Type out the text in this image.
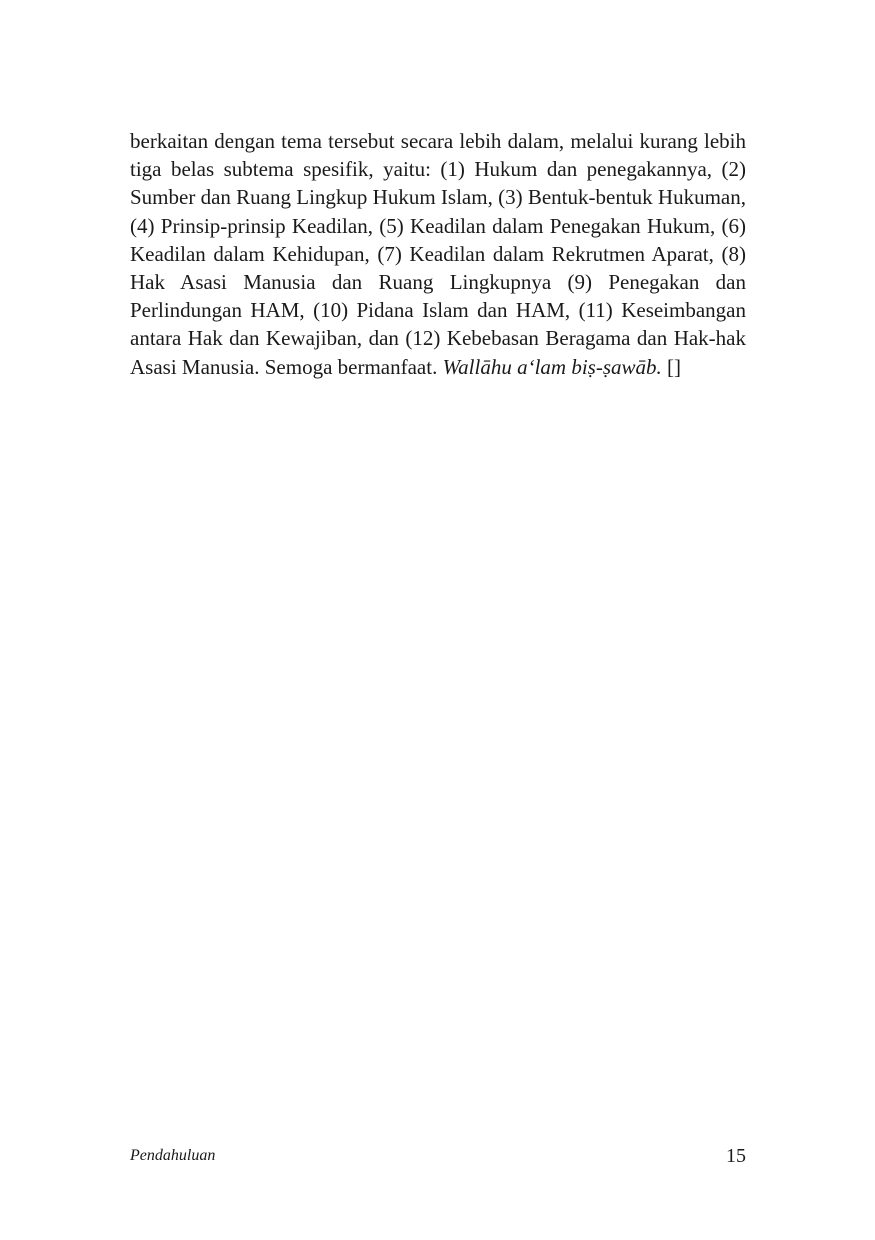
berkaitan dengan tema tersebut secara lebih dalam, melalui kurang lebih tiga belas subtema spesifik, yaitu: (1) Hukum dan penegakannya, (2) Sumber dan Ruang Lingkup Hukum Islam, (3) Bentuk-bentuk Hukuman, (4) Prinsip-prinsip Keadilan, (5) Keadilan dalam Penegakan Hukum, (6) Keadilan dalam Kehidupan, (7) Keadilan dalam Rekrutmen Aparat, (8) Hak Asasi Manusia dan Ruang Lingkupnya (9) Penegakan dan Perlindungan HAM, (10) Pidana Islam dan HAM, (11) Keseimbangan antara Hak dan Kewajiban, dan (12) Kebebasan Beragama dan Hak-hak Asasi Manusia. Semoga bermanfaat. Wallāhu a‘lam biṣ-ṣawāb. []

Pendahuluan	15
